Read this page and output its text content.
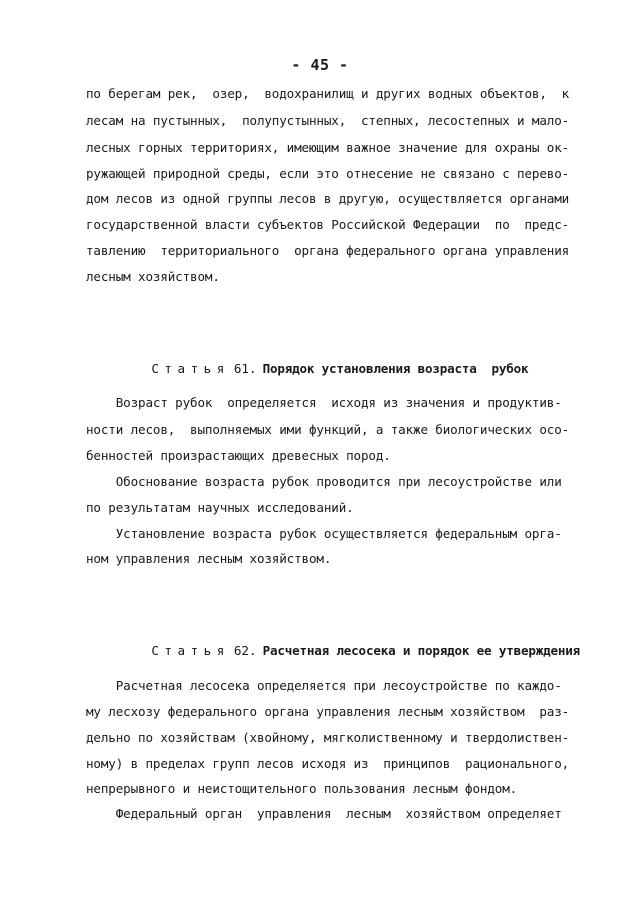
- 45 -
по берегам рек,  озер,  водохранилищ и других водных объектов,  к
лесам на пустынных,  полупустынных,  степных, лесостепных и мало-
лесных горных территориях, имеющим важное значение для охраны ок-
ружающей природной среды, если это отнесение не связано с перево-
дом лесов из одной группы лесов в другую, осуществляется органами
государственной власти субъектов Российской Федерации  по  предс-
тавлению  территориального  органа федерального органа управления
лесным хозяйством.

Статья 61. Порядок установления возраста  рубок

Возраст рубок  определяется  исходя из значения и продуктив-
ности лесов,  выполняемых ими функций, а также биологических осо-
бенностей произрастающих древесных пород.
Обоснование возраста рубок проводится при лесоустройстве или
по результатам научных исследований.
Установление возраста рубок осуществляется федеральным орга-
ном управления лесным хозяйством.

Статья 62. Расчетная лесосека и порядок ее утверждения

Расчетная лесосека определяется при лесоустройстве по каждо-
му лесхозу федерального органа управления лесным хозяйством  раз-
дельно по хозяйствам (хвойному, мягколиственному и твердолиствен-
ному) в пределах групп лесов исходя из  принципов  рационального,
непрерывного и неистощительного пользования лесным фондом.
Федеральный орган  управления  лесным  хозяйством определяет
